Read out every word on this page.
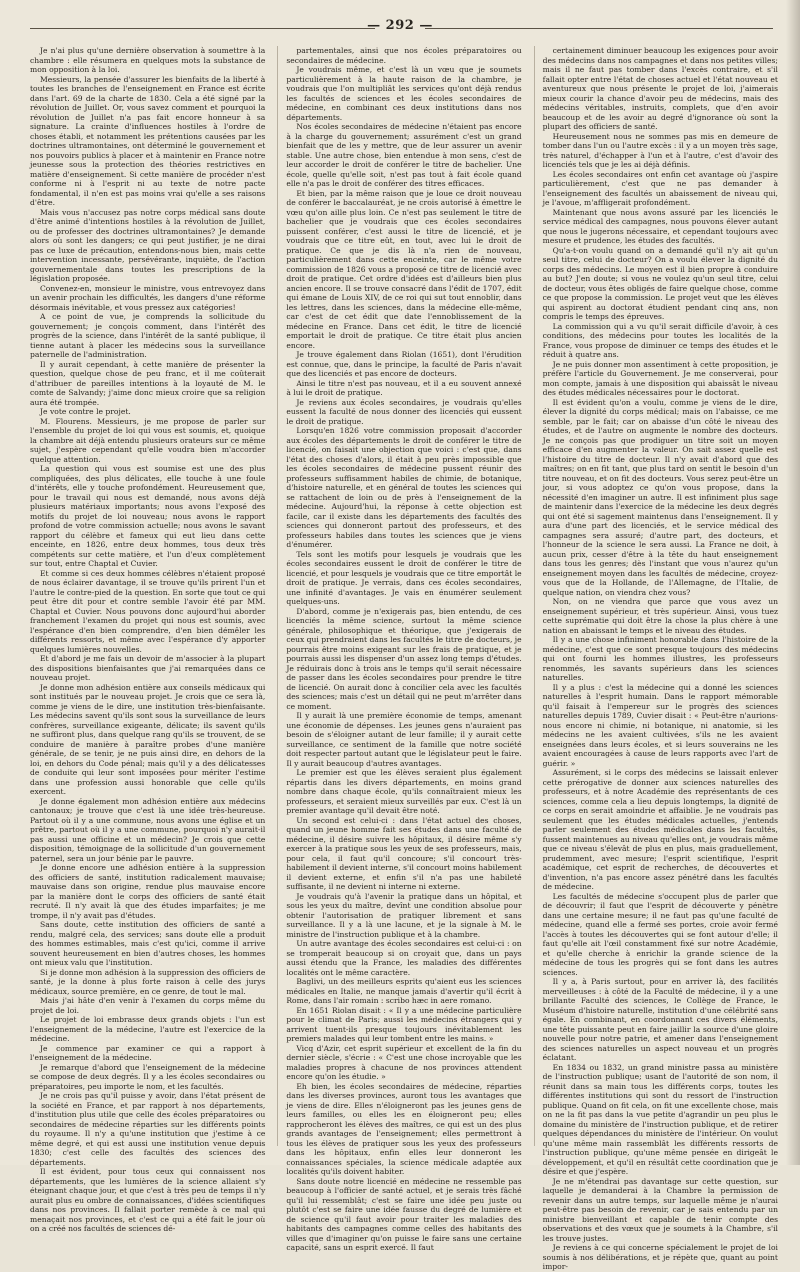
— 292 —

Je n'ai plus qu'une dernière observation à soumettre à la chambre : elle résumera en quelques mots la substance de mon opposition à la loi.

Messieurs, la pensée d'assurer les bienfaits de la liberté à toutes les branches de l'enseignement en France est écrite dans l'art. 69 de la charte de 1830. Cela a été signé par la révolution de Juillet. Or, vous savez comment et pourquoi la révolution de Juillet n'a pas fait encore honneur à sa signature. La crainte d'influences hostiles à l'ordre de choses établi, et notamment les prétentions causées par les doctrines ultramontaines, ont déterminé le gouvernement et nos pouvoirs publics à placer et à maintenir en France notre jeunesse sous la protection des théories restrictives en matière d'enseignement. Si cette manière de procéder n'est conforme ni à l'esprit ni au texte de notre pacte fondamental, il n'en est pas moins vrai qu'elle a ses raisons d'être.

Mais vous n'accusez pas notre corps médical sans doute d'être animé d'intentions hostiles à la révolution de Juillet, ou de professer des doctrines ultramontaines? Je demande alors où sont les dangers; ce qui peut justifier, je ne dirai pas ce luxe de précaution, entendons-nous bien, mais cette intervention incessante, persévérante, inquiète, de l'action gouvernementale dans toutes les prescriptions de la législation proposée.

Convenez-en, monsieur le ministre, vous entrevoyez dans un avenir prochain les difficultés, les dangers d'une réforme désormais inévitable, et vous pressez aux catégories!

A ce point de vue, je comprends la sollicitude du gouvernement; je conçois comment, dans l'intérêt des progrès de la science, dans l'intérêt de la santé publique, il tienne autant à placer les médecins sous la surveillance paternelle de l'administration.

Il y aurait cependant, à cette manière de présenter la question, quelque chose de peu franc, et il me coûterait d'attribuer de pareilles intentions à la loyauté de M. le comte de Salvandy; j'aime donc mieux croire que sa religion aura été trompée.

Je vote contre le projet.

M. Flourens. Messieurs, je me propose de parler sur l'ensemble du projet de loi qui vous est soumis, et, quoique la chambre ait déjà entendu plusieurs orateurs sur ce même sujet, j'espère cependant qu'elle voudra bien m'accorder quelque attention.

La question qui vous est soumise est une des plus compliquées, des plus délicates, elle touche à une foule d'intérêts, elle y touche profondément. Heureusement que, pour le travail qui nous est demandé, nous avons déjà plusieurs matériaux importants; nous avons l'exposé des motifs du projet de loi nouveau; nous avons le rapport profond de votre commission actuelle; nous avons le savant rapport du célèbre et fameux qui eut lieu dans cette enceinte, en 1826, entre deux hommes, tous deux très compétents sur cette matière, et l'un d'eux complètement sur tout, entre Chaptal et Cuvier.

Et comme si ces deux hommes célèbres n'étaient proposé de nous éclairer davantage, il se trouve qu'ils prirent l'un et l'autre le contre-pied de la question. En sorte que tout ce qui peut être dit pour et contre semble l'avoir été par MM. Chaptal et Cuvier. Nous pouvons donc aujourd'hui aborder franchement l'examen du projet qui nous est soumis, avec l'espérance d'en bien comprendre, d'en bien démêler les différents ressorts, et même avec l'espérance d'y apporter quelques lumières nouvelles.

Et d'abord je me fais un devoir de m'associer à la plupart des dispositions bienfaisantes que j'ai remarquées dans ce nouveau projet.

Je donne mon adhésion entière aux conseils médicaux qui sont institués par le nouveau projet. Je crois que ce sera là, comme je viens de le dire, une institution très-bienfaisante. Les médecins savent qu'ils sont sous la surveillance de leurs confrères, surveillance exigeante, délicate; ils savent qu'ils ne suffiront plus, dans quelque rang qu'ils se trouvent, de se conduire de manière à paraître probes d'une manière générale, de se tenir, je ne puis ainsi dire, en dehors de la loi, en dehors du Code pénal; mais qu'il y a des délicatesses de conduite qui leur sont imposées pour mériter l'estime dans une profession aussi honorable que celle qu'ils exercent.

Je donne également mon adhésion entière aux médecins cantonaux; je trouve que c'est là une idée très-heureuse. Partout où il y a une commune, nous avons une église et un prêtre, partout où il y a une commune, pourquoi n'y aurait-il pas aussi une officine et un médecin? Je crois que cette disposition, témoignage de la sollicitude d'un gouvernement paternel, sera un jour bénie par le pauvre.

Je donne encore une adhésion entière à la suppression des officiers de santé, institution radicalement mauvaise; mauvaise dans son origine, rendue plus mauvaise encore par la manière dont le corps des officiers de santé était recruté. Il n'y avait là que des études imparfaites; je me trompe, il n'y avait pas d'études.

Sans doute, cette institution des officiers de santé a rendu, malgré cela, des services; sans doute elle a produit des hommes estimables, mais c'est qu'ici, comme il arrive souvent heureusement en bien d'autres choses, les hommes ont mieux valu que l'institution.

Si je donne mon adhésion à la suppression des officiers de santé, je la donne à plus forte raison à celle des jurys médicaux, source première, en ce genre, de tout le mal.

Mais j'ai hâte d'en venir à l'examen du corps même du projet de loi.

Le projet de loi embrasse deux grands objets : l'un est l'enseignement de la médecine, l'autre est l'exercice de la médecine.

Je commence par examiner ce qui a rapport à l'enseignement de la médecine.

Je remarque d'abord que l'enseignement de la médecine se compose de deux degrés. Il y a les écoles secondaires ou préparatoires, peu importe le nom, et les facultés.

Je ne crois pas qu'il puisse y avoir, dans l'état présent de la société en France, et par rapport à nos départements, d'institution plus utile que celle des écoles préparatoires ou secondaires de médecine réparties sur les différents points du royaume. Il n'y a qu'une institution que j'estime à ce même degré, et qui est aussi une institution venue depuis 1830; c'est celle des facultés des sciences des départements.

Il est évident, pour tous ceux qui connaissent nos départements, que les lumières de la science allaient s'y éteignant chaque jour, et que c'est à très peu de temps il n'y aurait plus eu ombre de connaissances, d'idées scientifiques dans nos provinces. Il fallait porter remède à ce mal qui menaçait nos provinces, et c'est ce qui a été fait le jour où on a créé nos facultés de sciences dé-

partementales, ainsi que nos écoles préparatoires ou secondaires de médecine.

Je voudrais même, et c'est là un vœu que je soumets particulièrement à la haute raison de la chambre, je voudrais que l'on multipliât les services qu'ont déjà rendus les facultés de sciences et les écoles secondaires de médecine, en combinant ces deux institutions dans nos départements.

Nos écoles secondaires de médecine n'étaient pas encore à la charge du gouvernement; assurément c'est un grand bienfait que de les y mettre, que de leur assurer un avenir stable. Une autre chose, bien entendue à mon sens, c'est de leur accorder le droit de conférer le titre de bachelier. Une école, quelle qu'elle soit, n'est pas tout à fait école quand elle n'a pas le droit de conférer des titres efficaces.

Et bien, par la même raison que je loue ce droit nouveau de conférer le baccalauréat, je ne crois autorisé à émettre le vœu qu'on aille plus loin. Ce n'est pas seulement le titre de bachelier que je voudrais que ces écoles secondaires puissent conférer, c'est aussi le titre de licencié, et je voudrais que ce titre eût, en tout, avec lui le droit de pratique. Ce que je dis là n'a rien de nouveau, particulièrement dans cette enceinte, car le même votre commission de 1826 vous a proposé ce titre de licencié avec droit de pratique. Cet ordre d'idées est d'ailleurs bien plus ancien encore. Il se trouve consacré dans l'édit de 1707, édit qui émane de Louis XIV, de ce roi qui sut tout ennoblir, dans les lettres, dans les sciences, dans la médecine elle-même, car c'est de cet édit que date l'ennoblissement de la médecine en France. Dans cet édit, le titre de licencié emportait le droit de pratique. Ce titre était plus ancien encore.

Je trouve également dans Riolan (1651), dont l'érudition est connue, que, dans le principe, la faculté de Paris n'avait que des licenciés et pas encore de docteurs.

Ainsi le titre n'est pas nouveau, et il a eu souvent annexé à lui le droit de pratique.

Je reviens aux écoles secondaires, je voudrais qu'elles eussent la faculté de nous donner des licenciés qui eussent le droit de pratique.

Lorsqu'en 1826 votre commission proposait d'accorder aux écoles des départements le droit de conférer le titre de licencié, on faisait une objection que voici : c'est que, dans l'état des choses d'alors, il était à peu près impossible que les écoles secondaires de médecine pussent réunir des professeurs suffisamment habiles de chimie, de botanique, d'histoire naturelle, et en général de toutes les sciences qui se rattachent de loin ou de près à l'enseignement de la médecine. Aujourd'hui, la réponse à cette objection est facile, car il existe dans les départements des facultés des sciences qui donneront partout des professeurs, et des professeurs habiles dans toutes les sciences que je viens d'énumérer.

Tels sont les motifs pour lesquels je voudrais que les écoles secondaires eussent le droit de conférer le titre de licencié, et pour lesquels je voudrais que ce titre emportât le droit de pratique. Je verrais, dans ces écoles secondaires, une infinité d'avantages. Je vais en énumérer seulement quelques-uns.

D'abord, comme je n'exigerais pas, bien entendu, de ces licenciés la même science, surtout la même science générale, philosophique et théorique, que j'exigerais de ceux qui prendraient dans les facultés le titre de docteurs, je pourrais être moins exigeant sur les frais de pratique, et je pourrais aussi les dispenser d'un assez long temps d'études. Je réduirais donc à trois ans le temps qu'il serait nécessaire de passer dans les écoles secondaires pour prendre le titre de licencié. On aurait donc à concilier cela avec les facultés des sciences; mais c'est un détail qui ne peut m'arrêter dans ce moment.

Il y aurait là une première économie de temps, amenant une économie de dépenses. Les jeunes gens n'auraient pas besoin de s'éloigner autant de leur famille; il y aurait cette surveillance, ce sentiment de la famille que notre société doit respecter partout autant que le législateur peut le faire. Il y aurait beaucoup d'autres avantages.

Le premier est que les élèves seraient plus également répartis dans les divers départements, en moins grand nombre dans chaque école, qu'ils connaîtraient mieux les professeurs, et seraient mieux surveillés par eux. C'est là un premier avantage qu'il devait être noté.

Un second est celui-ci : dans l'état actuel des choses, quand un jeune homme fait ses études dans une faculté de médecine, il désire suivre les hôpitaux, il désire même s'y exercer à la pratique sous les yeux de ses professeurs, mais, pour cela, il faut qu'il concoure; s'il concourt très-habilement il devient interne, s'il concourt moins habilement il devient externe, et enfin s'il n'a pas une habileté suffisante, il ne devient ni interne ni externe.

Je voudrais qu'à l'avenir la pratique dans un hôpital, et sous les yeux du maître, devînt une condition absolue pour obtenir l'autorisation de pratiquer librement et sans surveillance. Il y a là une lacune, et je la signale à M. le ministre de l'instruction publique et à la chambre.

Un autre avantage des écoles secondaires est celui-ci : on se tromperait beaucoup si on croyait que, dans un pays aussi étendu que la France, les maladies des différentes localités ont le même caractère.

Baglivi, un des meilleurs esprits qu'aient eus les sciences médicales en Italie, ne manque jamais d'avertir qu'il écrit à Rome, dans l'air romain : scribo hæc in aere romano.

En 1651 Riolan disait : « Il y a une médecine particulière pour le climat de Paris; aussi les médecins étrangers qui y arrivent tuent-ils presque toujours inévitablement les premiers malades qui leur tombent entre les mains. »

Vicq d'Azir, cet esprit supérieur et excellent de la fin du dernier siècle, s'écrie : « C'est une chose incroyable que les maladies propres à chacune de nos provinces attendent encore qu'on les étudie. »

Eh bien, les écoles secondaires de médecine, réparties dans les diverses provinces, auront tous les avantages que je viens de dire. Elles n'éloigneront pas les jeunes gens de leurs familles, ou elles les en éloigneront peu; elles rapprocheront les élèves des maîtres, ce qui est un des plus grands avantages de l'enseignement; elles permettront à tous les élèves de pratiquer sous les yeux des professeurs dans les hôpitaux, enfin elles leur donneront les connaissances spéciales, la science médicale adaptée aux localités qu'ils doivent habiter.

Sans doute notre licencié en médecine ne ressemble pas beaucoup à l'officier de santé actuel, et je serais très fâché qu'il lui ressemblât; c'est se faire une idée peu juste ou plutôt c'est se faire une idée fausse du degré de lumière et de science qu'il faut avoir pour traiter les maladies des habitants des campagnes comme celles des habitants des villes que d'imaginer qu'on puisse le faire sans une certaine capacité, sans un esprit exercé. Il faut

certainement diminuer beaucoup les exigences pour avoir des médecins dans nos campagnes et dans nos petites villes; mais il ne faut pas tomber dans l'excès contraire, et s'il fallait opter entre l'état de choses actuel et l'état nouveau et aventureux que nous présente le projet de loi, j'aimerais mieux courir la chance d'avoir peu de médecins, mais des médecins véritables, instruits, complets, que d'en avoir beaucoup et de les avoir au degré d'ignorance où sont la plupart des officiers de santé.

Heureusement nous ne sommes pas mis en demeure de tomber dans l'un ou l'autre excès : il y a un moyen très sage, très naturel, d'échapper à l'un et à l'autre, c'est d'avoir des licenciés tels que je les ai déjà définis.

Les écoles secondaires ont enfin cet avantage où j'aspire particulièrement, c'est que ne pas demander à l'enseignement des facultés un abaissement de niveau qui, je l'avoue, m'affligerait profondément.

Maintenant que nous avons assuré par les licenciés le service médical des campagnes, nous pouvons élever autant que nous le jugerons nécessaire, et cependant toujours avec mesure et prudence, les études des facultés.

Qu'a-t-on voulu quand on a demandé qu'il n'y ait qu'un seul titre, celui de docteur? On a voulu élever la dignité du corps des médecins. Le moyen est il bien propre à conduire au but? J'en doute; si vous ne voulez qu'un seul titre, celui de docteur, vous êtes obligés de faire quelque chose, comme ce que propose la commission. Le projet veut que les élèves qui aspirent au doctorat étudient pendant cinq ans, non compris le temps des épreuves.

La commission qui a vu qu'il serait difficile d'avoir, à ces conditions, des médecins pour toutes les localités de la France, vous propose de diminuer ce temps des études et le réduit à quatre ans.

Je ne puis donner mon assentiment à cette proposition, je préfère l'article du Gouvernement. Je me conserverai, pour mon compte, jamais à une disposition qui abaissât le niveau des études médicales nécessaires pour le doctorat.

Il est évident qu'on a voulu, comme je viens de le dire, élever la dignité du corps médical; mais on l'abaisse, ce me semble, par le fait; car on abaisse d'un côté le niveau des études, et de l'autre on augmente le nombre des docteurs. Je ne conçois pas que prodiguer un titre soit un moyen efficace d'en augmenter la valeur. On sait assez quelle est l'histoire du titre de docteur. Il n'y avait d'abord que des maîtres; on en fit tant, que plus tard on sentit le besoin d'un titre nouveau, et on fit des docteurs. Vous serez peut-être un jour, si vous adoptez ce qu'on vous propose, dans la nécessité d'en imaginer un autre. Il est infiniment plus sage de maintenir dans l'exercice de la médecine les deux degrés qui ont été si sagement maintenus dans l'enseignement. Il y aura d'une part des licenciés, et le service médical des campagnes sera assuré; d'autre part, des docteurs, et l'honneur de la science le sera aussi. La France ne doit, à aucun prix, cesser d'être à la tête du haut enseignement dans tous les genres; dès l'instant que vous n'aurez qu'un enseignement moyen dans les facultés de médecine, croyez-vous que de la Hollande, de l'Allemagne, de l'Italie, de quelque nation, on viendra chez vous?

Non, on ne viendra que parce que vous avez un enseignement supérieur, et très supérieur. Ainsi, vous tuez cette suprématie qui doit être la chose la plus chère à une nation en abaissant le temps et le niveau des études.

Il y a une chose infiniment honorable dans l'histoire de la médecine, c'est que ce sont presque toujours des médecins qui ont fourni les hommes illustres, les professeurs renommés, les savants supérieurs dans les sciences naturelles.

Il y a plus : c'est la médecine qui a donné les sciences naturelles à l'esprit humain. Dans le rapport mémorable qu'il faisait à l'empereur sur le progrès des sciences naturelles depuis 1789, Cuvier disait : « Peut-être n'aurions-nous encore ni chimie, ni botanique, ni anatomie, si les médecins ne les avaient cultivées, s'ils ne les avaient enseignées dans leurs écoles, et si leurs souverains ne les avaient encouragées à cause de leurs rapports avec l'art de guérir. »

Assurément, si le corps des médecins se laissait enlever cette prérogative de donner aux sciences naturelles des professeurs, et à notre Académie des représentants de ces sciences, comme cela a lieu depuis longtemps, la dignité de ce corps en serait amoindrie et affaiblie. Je ne voudrais pas seulement que les études médicales actuelles, j'entends parler seulement des études médicales dans les facultés, fussent maintenues au niveau qu'elles ont, je voudrais même que ce niveau s'élevât de plus en plus, mais graduellement, prudemment, avec mesure; l'esprit scientifique, l'esprit académique, cet esprit de recherches, de découvertes et d'invention, n'a pas encore assez pénétré dans les facultés de médecine.

Les facultés de médecine s'occupent plus de parler que de découvrir; il faut que l'esprit de découverte y pénètre dans une certaine mesure; il ne faut pas qu'une faculté de médecine, quand elle a fermé ses portes, croie avoir fermé l'accès à toutes les découvertes qui se font autour d'elle; il faut qu'elle ait l'œil constamment fixé sur notre Académie, et qu'elle cherche à enrichir la grande science de la médecine de tous les progrès qui se font dans les autres sciences.

Il y a, à Paris surtout, pour en arriver là, des facilités merveilleuses : à côté de la Faculté de médecine, il y a une brillante Faculté des sciences, le Collège de France, le Muséum d'histoire naturelle, institution d'une célébrité sans égale. En combinant, en coordonnant ces divers éléments, une tête puissante peut en faire jaillir la source d'une gloire nouvelle pour notre patrie, et amener dans l'enseignement des sciences naturelles un aspect nouveau et un progrès éclatant.

En 1834 ou 1832, un grand ministre passa au ministère de l'instruction publique; usant de l'autorité de son nom, il réunit dans sa main tous les différents corps, toutes les différentes institutions qui sont du ressort de l'instruction publique. Quand on fit cela, on fit une excellente chose, mais on ne la fit pas dans la vue petite d'agrandir un peu plus le domaine du ministère de l'instruction publique, et de retirer quelques dépendances du ministère de l'intérieur. On voulut qu'une même main rassemblât les différents ressorts de l'instruction publique, qu'une même pensée en dirigeât le développement, et qu'il en résultât cette coordination que je désire et que j'espère.

Je ne m'étendrai pas davantage sur cette question, sur laquelle je demanderai à la Chambre la permission de revenir dans un autre temps, sur laquelle même je n'aurai peut-être pas besoin de revenir, car je sais entendu par un ministre bienveillant et capable de tenir compte des observations et des vœux que je soumets à la Chambre, s'il les trouve justes.

Je reviens à ce qui concerne spécialement le projet de loi soumis à nos délibérations, et je répète que, quant au point impor-
